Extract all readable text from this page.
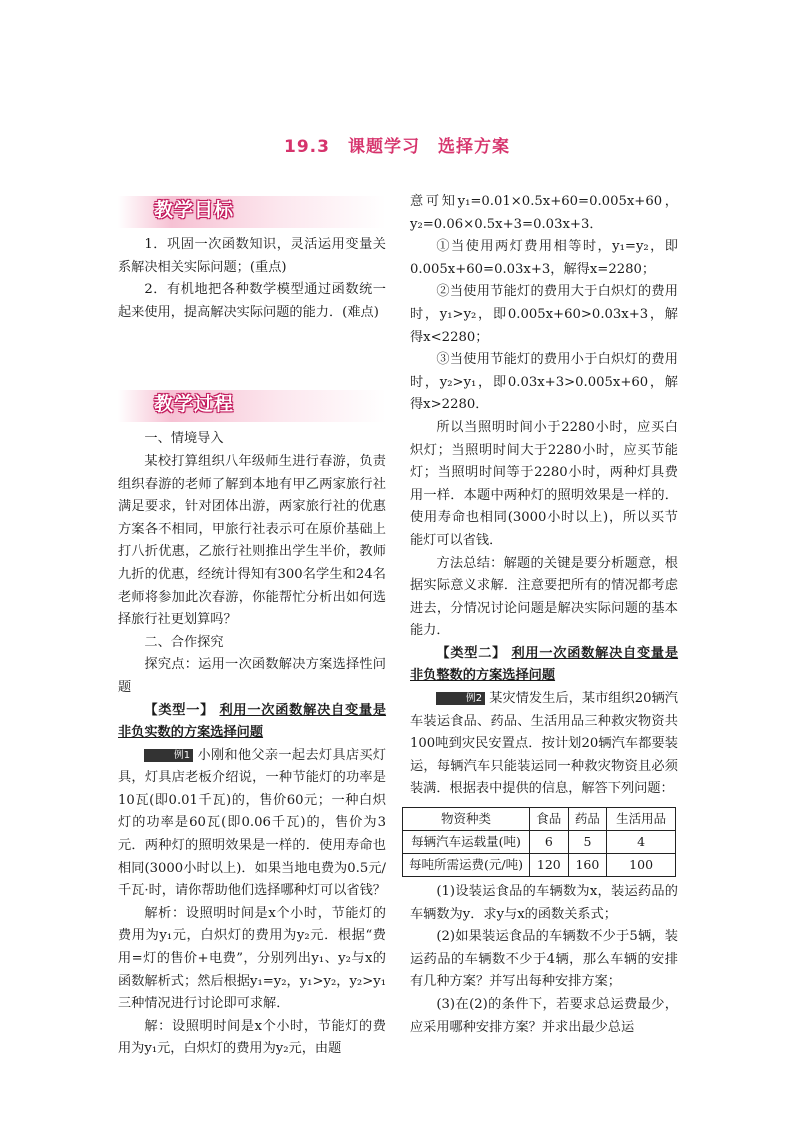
19.3　课题学习　选择方案
教学目标

1．巩固一次函数知识，灵活运用变量关系解决相关实际问题；(重点)

2．有机地把各种数学模型通过函数统一起来使用，提高解决实际问题的能力．(难点)

教学过程

一、情境导入

某校打算组织八年级师生进行春游，负责组织春游的老师了解到本地有甲乙两家旅行社满足要求，针对团体出游，两家旅行社的优惠方案各不相同，甲旅行社表示可在原价基础上打八折优惠，乙旅行社则推出学生半价，教师九折的优惠，经统计得知有300名学生和24名老师将参加此次春游，你能帮忙分析出如何选择旅行社更划算吗？

二、合作探究

探究点：运用一次函数解决方案选择性问题

【类型一】 利用一次函数解决自变量是非负实数的方案选择问题

例1 小刚和他父亲一起去灯具店买灯具，灯具店老板介绍说，一种节能灯的功率是10瓦(即0.01千瓦)的，售价60元；一种白炽灯的功率是60瓦(即0.06千瓦)的，售价为3元．两种灯的照明效果是一样的．使用寿命也相同(3000小时以上)．如果当地电费为0.5元/千瓦·时，请你帮助他们选择哪种灯可以省钱？

解析：设照明时间是x个小时，节能灯的费用为y₁元，白炽灯的费用为y₂元．根据“费用=灯的售价+电费”，分别列出y₁、y₂与x的函数解析式；然后根据y₁=y₂，y₁>y₂，y₂>y₁三种情况进行讨论即可求解．

解：设照明时间是x个小时，节能灯的费用为y₁元，白炽灯的费用为y₂元，由题

意可知y₁=0.01×0.5x+60=0.005x+60，y₂=0.06×0.5x+3=0.03x+3．

①当使用两灯费用相等时，y₁=y₂，即0.005x+60=0.03x+3，解得x=2280；

②当使用节能灯的费用大于白炽灯的费用时，y₁>y₂，即0.005x+60>0.03x+3，解得x<2280；

③当使用节能灯的费用小于白炽灯的费用时，y₂>y₁，即0.03x+3>0.005x+60，解得x>2280．

所以当照明时间小于2280小时，应买白炽灯；当照明时间大于2280小时，应买节能灯；当照明时间等于2280小时，两种灯具费用一样．本题中两种灯的照明效果是一样的．使用寿命也相同(3000小时以上)，所以买节能灯可以省钱．

方法总结：解题的关键是要分析题意，根据实际意义求解．注意要把所有的情况都考虑进去，分情况讨论问题是解决实际问题的基本能力．

【类型二】 利用一次函数解决自变量是非负整数的方案选择问题

例2 某灾情发生后，某市组织20辆汽车装运食品、药品、生活用品三种救灾物资共100吨到灾民安置点．按计划20辆汽车都要装运，每辆汽车只能装运同一种救灾物资且必须装满．根据表中提供的信息，解答下列问题：

物资种类	食品	药品	生活用品
每辆汽车运载量(吨)	6	5	4
每吨所需运费(元/吨)	120	160	100

(1)设装运食品的车辆数为x，装运药品的车辆数为y．求y与x的函数关系式；

(2)如果装运食品的车辆数不少于5辆，装运药品的车辆数不少于4辆，那么车辆的安排有几种方案？并写出每种安排方案；

(3)在(2)的条件下，若要求总运费最少，应采用哪种安排方案？并求出最少总运
